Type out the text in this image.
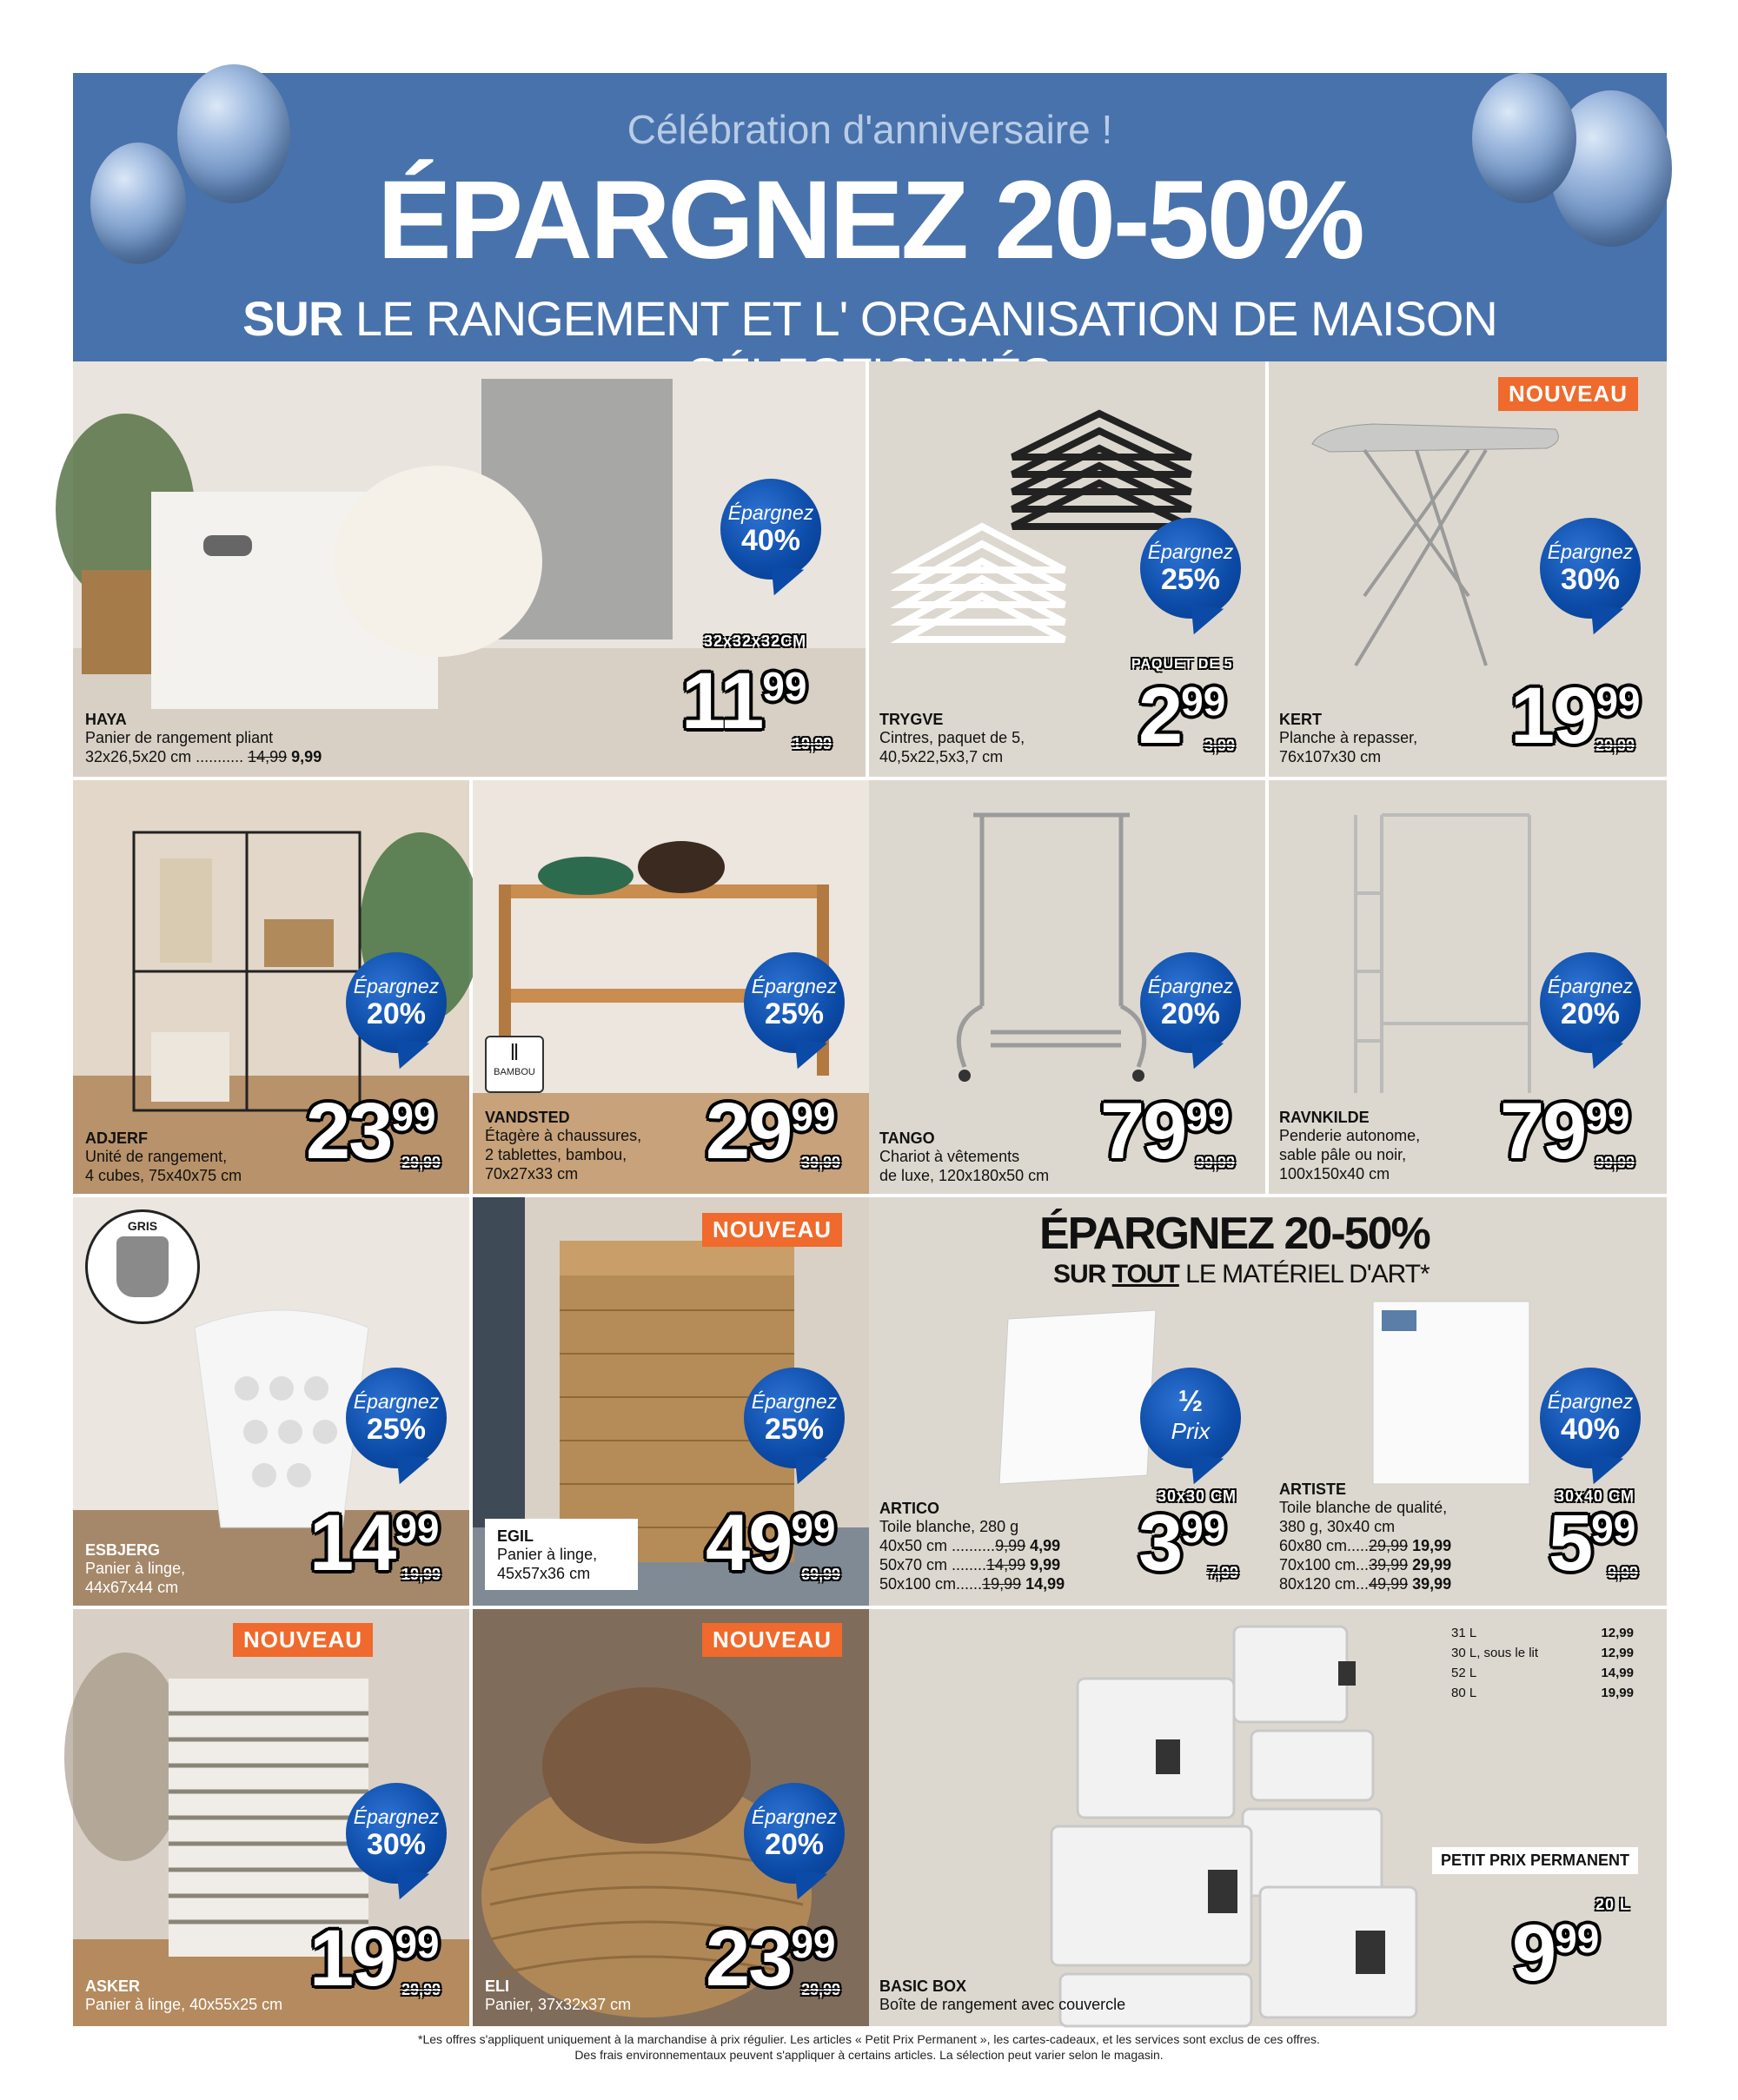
Célébration d'anniversaire !
ÉPARGNEZ 20-50%
SUR LE RANGEMENT ET L' ORGANISATION DE MAISON
Épargnez
40%
32x32x32CM
$11^{99}$
19,99
HAYA
Panier de rangement pliant
32x26,5x20 cm ........... 14,99 9,99
Épargnez
25%
PAQUET DE 5
$2^{99}$
3,99
TRYGVE
Cintres, paquet de 5,
40,5x22,5x3,7 cm
NOUVEAU
Épargnez
30%
$19^{99}$
29,99
KERT
Planche à repasser,
76x107x30 cm
Épargnez
20%
$23^{99}$
29,99
ADJERF
Unité de rangement,
4 cubes, 75x40x75 cm
ǁ
BAMBOU
Épargnez
25%
$29^{99}$
39,99
VANDSTED
Étagère à chaussures,
2 tablettes, bambou,
70x27x33 cm
Épargnez
20%
$79^{99}$
99,99
TANGO
Chariot à vêtements
de luxe, 120x180x50 cm
Épargnez
20%
$79^{99}$
99,99
RAVNKILDE
Penderie autonome,
sable pâle ou noir,
100x150x40 cm
GRIS
Épargnez
25%
$14^{99}$
19,99
ESBJERG
Panier à linge,
44x67x44 cm
NOUVEAU
Épargnez
25%
$49^{99}$
69,99
EGIL
Panier à linge,
45x57x36 cm
ÉPARGNEZ 20-50%
SUR TOUT LE MATÉRIEL D'ART*
½
Prix
30x30 CM
$3^{99}$
7,99
ARTICO
Toile blanche, 280 g
40x50 cm ..........9,99 4,99
50x70 cm ........14,99 9,99
50x100 cm......19,99 14,99
Épargnez
40%
30x40 CM
$5^{99}$
9,99
ARTISTE
Toile blanche de qualité,
380 g, 30x40 cm
60x80 cm.....29,99 19,99
70x100 cm...39,99 29,99
80x120 cm...49,99 39,99
NOUVEAU
Épargnez
30%
$19^{99}$
29,99
ASKER
Panier à linge, 40x55x25 cm
NOUVEAU
Épargnez
20%
$23^{99}$
29,99
ELI
Panier, 37x32x37 cm
31 L	12,99
30 L, sous le lit	12,99
52 L	14,99
80 L	19,99
PETIT PRIX PERMANENT
20 L
$9^{99}$
BASIC BOX
Boîte de rangement avec couvercle
*Les offres s'appliquent uniquement à la marchandise à prix régulier. Les articles « Petit Prix Permanent », les cartes-cadeaux, et les services sont exclus de ces offres.
Des frais environnementaux peuvent s'appliquer à certains articles. La sélection peut varier selon le magasin.
